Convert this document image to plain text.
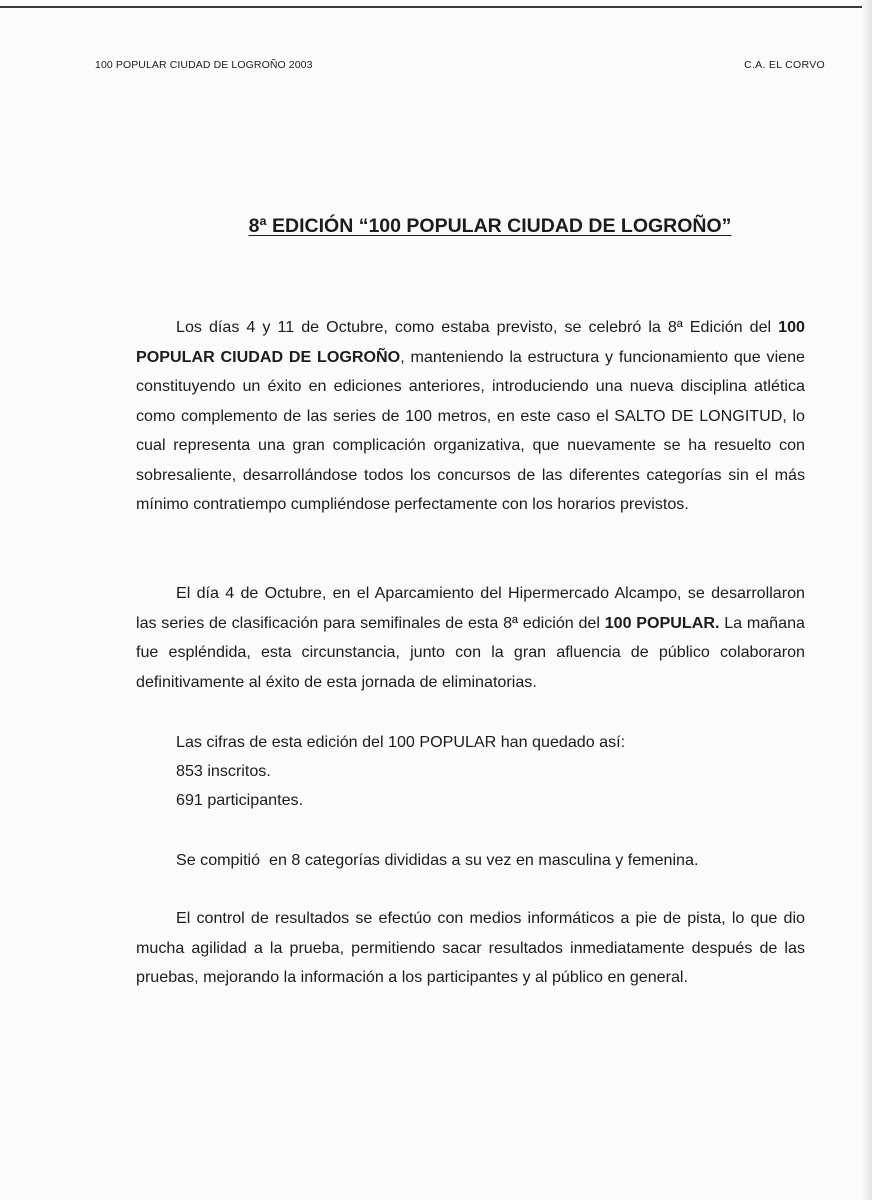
100 POPULAR CIUDAD DE LOGROÑO 2003	C.A. EL CORVO
8ª EDICIÓN “100 POPULAR CIUDAD DE LOGROÑO”

Los días 4 y 11 de Octubre, como estaba previsto, se celebró la 8ª Edición del 100 POPULAR CIUDAD DE LOGROÑO, manteniendo la estructura y funcionamiento que viene constituyendo un éxito en ediciones anteriores, introduciendo una nueva disciplina atlética como complemento de las series de 100 metros, en este caso el SALTO DE LONGITUD, lo cual representa una gran complicación organizativa, que nuevamente se ha resuelto con sobresaliente, desarrollándose todos los concursos de las diferentes categorías sin el más mínimo contratiempo cumpliéndose perfectamente con los horarios previstos.

El día 4 de Octubre, en el Aparcamiento del Hipermercado Alcampo, se desarrollaron las series de clasificación para semifinales de esta 8ª edición del 100 POPULAR. La mañana fue espléndida, esta circunstancia, junto con la gran afluencia de público colaboraron definitivamente al éxito de esta jornada de eliminatorias.

Las cifras de esta edición del 100 POPULAR han quedado así:
853 inscritos.
691 participantes.
Se compitió  en 8 categorías divididas a su vez en masculina y femenina.

El control de resultados se efectúo con medios informáticos a pie de pista, lo que dio mucha agilidad a la prueba, permitiendo sacar resultados inmediatamente después de las pruebas, mejorando la información a los participantes y al público en general.
